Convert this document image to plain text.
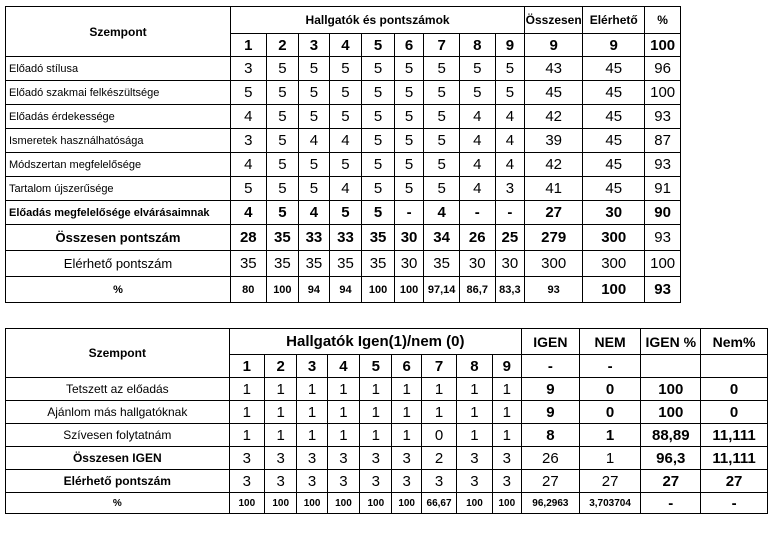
Szempont	Hallgatók és pontszámok									Összesen	Elérhető	%
	1	2	3	4	5	6	7	8	9	9	9	100
Előadó stílusa	3	5	5	5	5	5	5	5	5	43	45	96
Előadó szakmai felkészültsége	5	5	5	5	5	5	5	5	5	45	45	100
Előadás érdekessége	4	5	5	5	5	5	5	4	4	42	45	93
Ismeretek használhatósága	3	5	4	4	5	5	5	4	4	39	45	87
Módszertan megfelelősége	4	5	5	5	5	5	5	4	4	42	45	93
Tartalom újszerűsége	5	5	5	4	5	5	5	4	3	41	45	91
Előadás megfelelősége elvárásaimnak	4	5	4	5	5	-	4	-	-	27	30	90
Összesen pontszám	28	35	33	33	35	30	34	26	25	279	300	93
Elérhető pontszám	35	35	35	35	35	30	35	30	30	300	300	100
%	80	100	94	94	100	100	97,14	86,7	83,3	93	100	93
Szempont	Hallgatók Igen(1)/nem (0)									IGEN	NEM	IGEN %	Nem%
	1	2	3	4	5	6	7	8	9	-	-		
Tetszett az előadás	1	1	1	1	1	1	1	1	1	9	0	100	0
Ajánlom más hallgatóknak	1	1	1	1	1	1	1	1	1	9	0	100	0
Szívesen folytatnám	1	1	1	1	1	1	0	1	1	8	1	88,89	11,111
Összesen IGEN	3	3	3	3	3	3	2	3	3	26	1	96,3	11,111
Elérhető pontszám	3	3	3	3	3	3	3	3	3	27	27	27	27
%	100	100	100	100	100	100	66,67	100	100	96,2963	3,703704	-	-
